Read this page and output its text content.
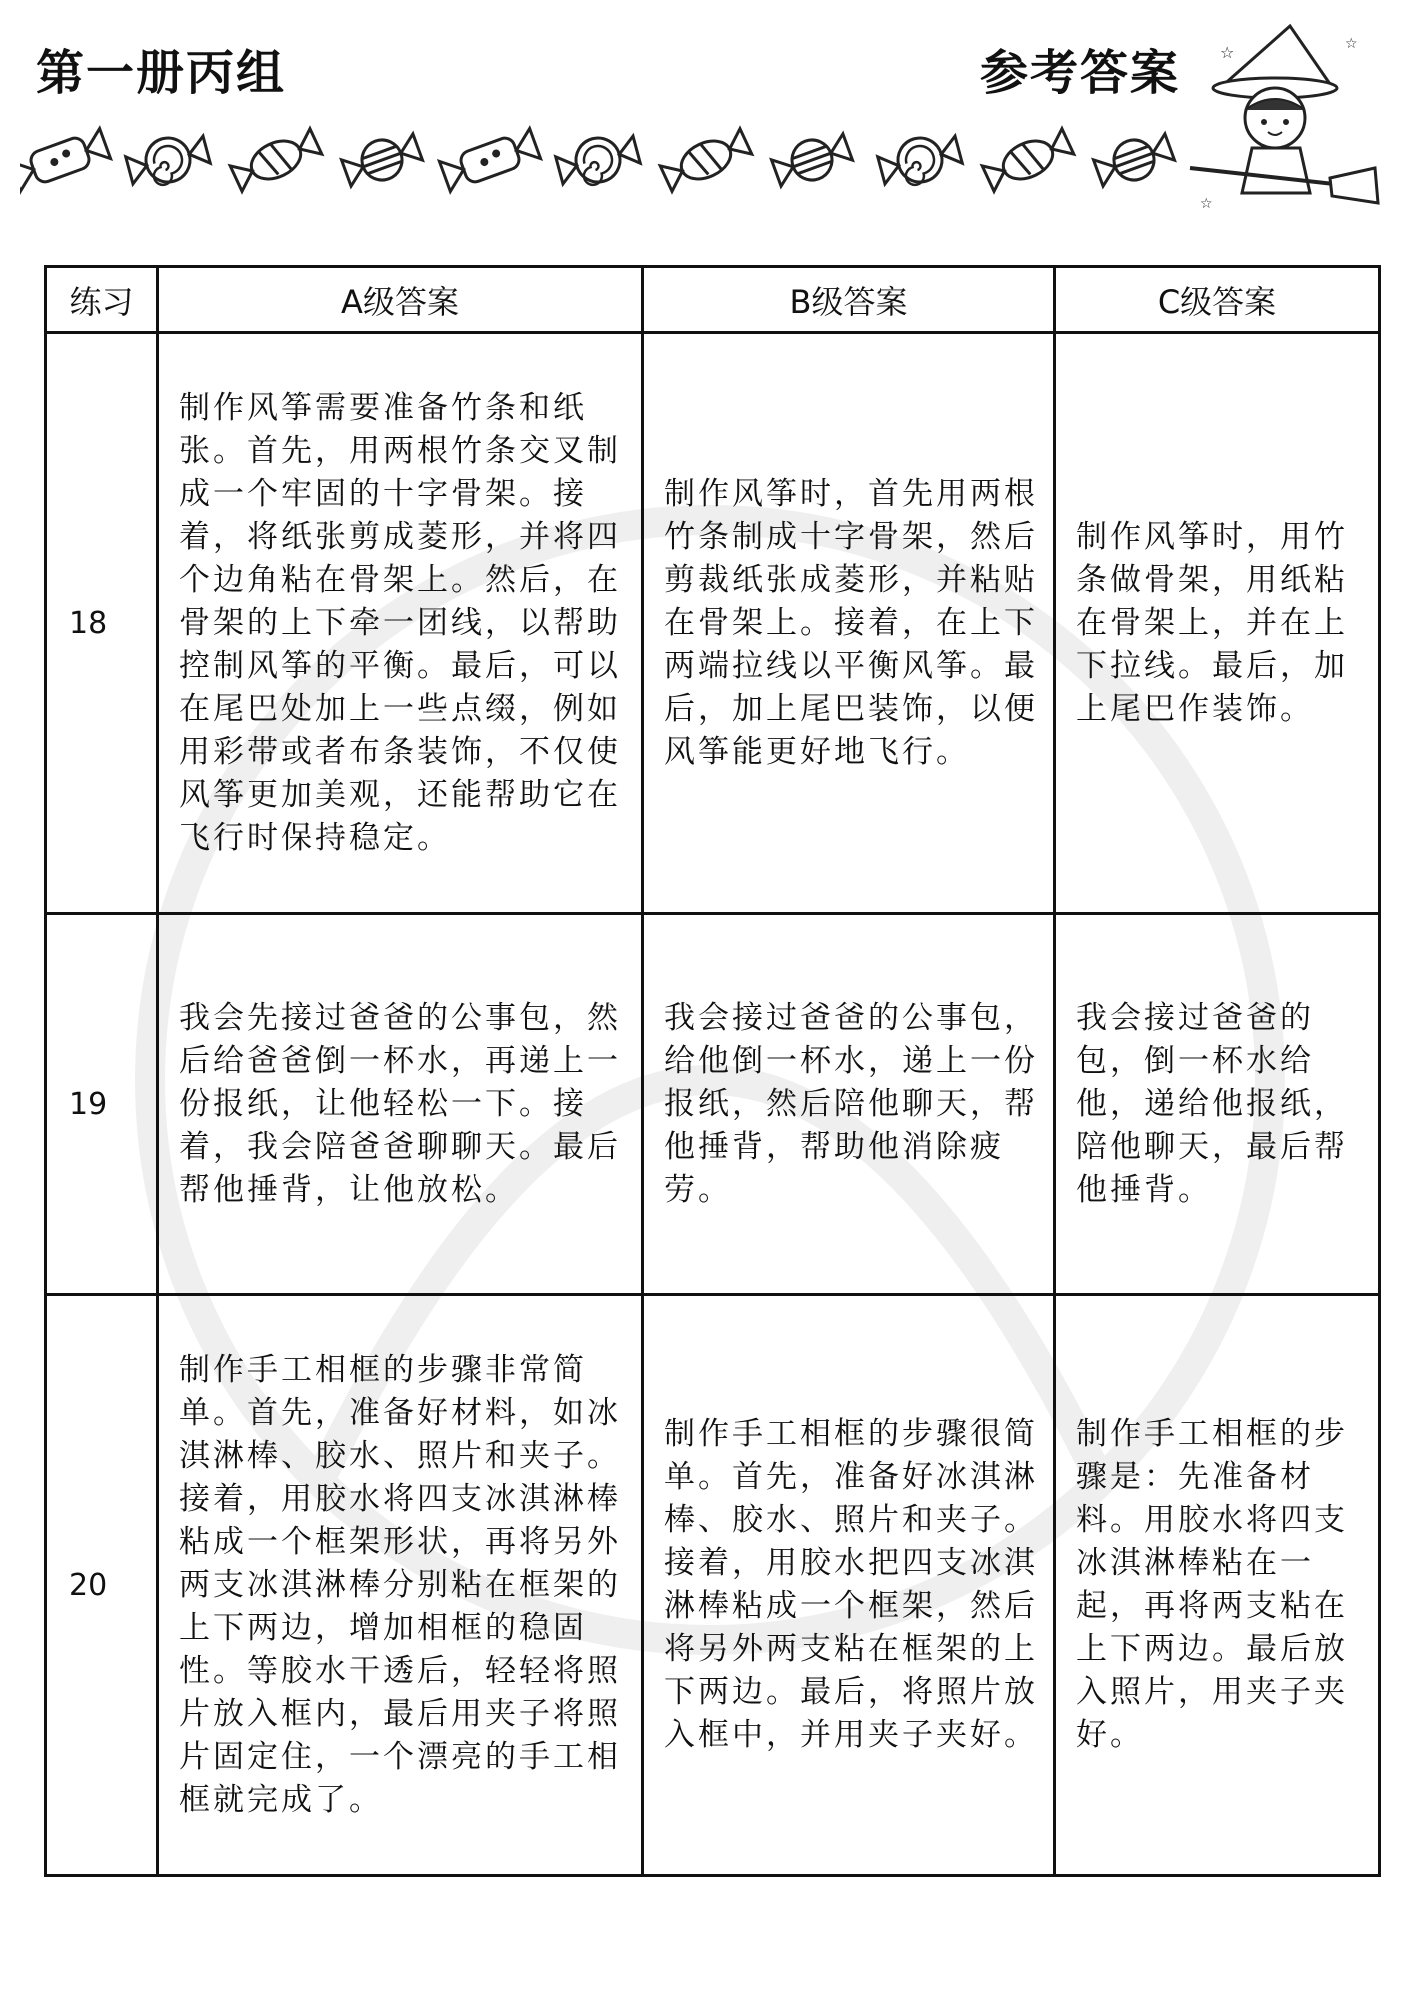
第一册丙组	参考答案 ☆	☆
☆
练习	A级答案	B级答案	C级答案
18	制作风筝需要准备竹条和纸张。首先，用两根竹条交叉制成一个牢固的十字骨架。接着，将纸张剪成菱形，并将四个边角粘在骨架上。然后，在骨架的上下牵一团线，以帮助控制风筝的平衡。最后，可以在尾巴处加上一些点缀，例如用彩带或者布条装饰，不仅使风筝更加美观，还能帮助它在飞行时保持稳定。	制作风筝时，首先用两根竹条制成十字骨架，然后剪裁纸张成菱形，并粘贴在骨架上。接着，在上下两端拉线以平衡风筝。最后，加上尾巴装饰，以便风筝能更好地飞行。	制作风筝时，用竹条做骨架，用纸粘在骨架上，并在上下拉线。最后，加上尾巴作装饰。

19	我会先接过爸爸的公事包，然后给爸爸倒一杯水，再递上一份报纸，让他轻松一下。接着，我会陪爸爸聊聊天。最后帮他捶背，让他放松。	我会接过爸爸的公事包，给他倒一杯水，递上一份报纸，然后陪他聊天，帮他捶背，帮助他消除疲劳。	我会接过爸爸的包，倒一杯水给他，递给他报纸，陪他聊天，最后帮他捶背。

20	制作手工相框的步骤非常简单。首先，准备好材料，如冰淇淋棒、胶水、照片和夹子。接着，用胶水将四支冰淇淋棒粘成一个框架形状，再将另外两支冰淇淋棒分别粘在框架的上下两边，增加相框的稳固性。等胶水干透后，轻轻将照片放入框内，最后用夹子将照片固定住，一个漂亮的手工相框就完成了。	制作手工相框的步骤很简单。首先，准备好冰淇淋棒、胶水、照片和夹子。接着，用胶水把四支冰淇淋棒粘成一个框架，然后将另外两支粘在框架的上下两边。最后，将照片放入框中，并用夹子夹好。	制作手工相框的步骤是：先准备材料。用胶水将四支冰淇淋棒粘在一起，再将两支粘在上下两边。最后放入照片，用夹子夹好。
